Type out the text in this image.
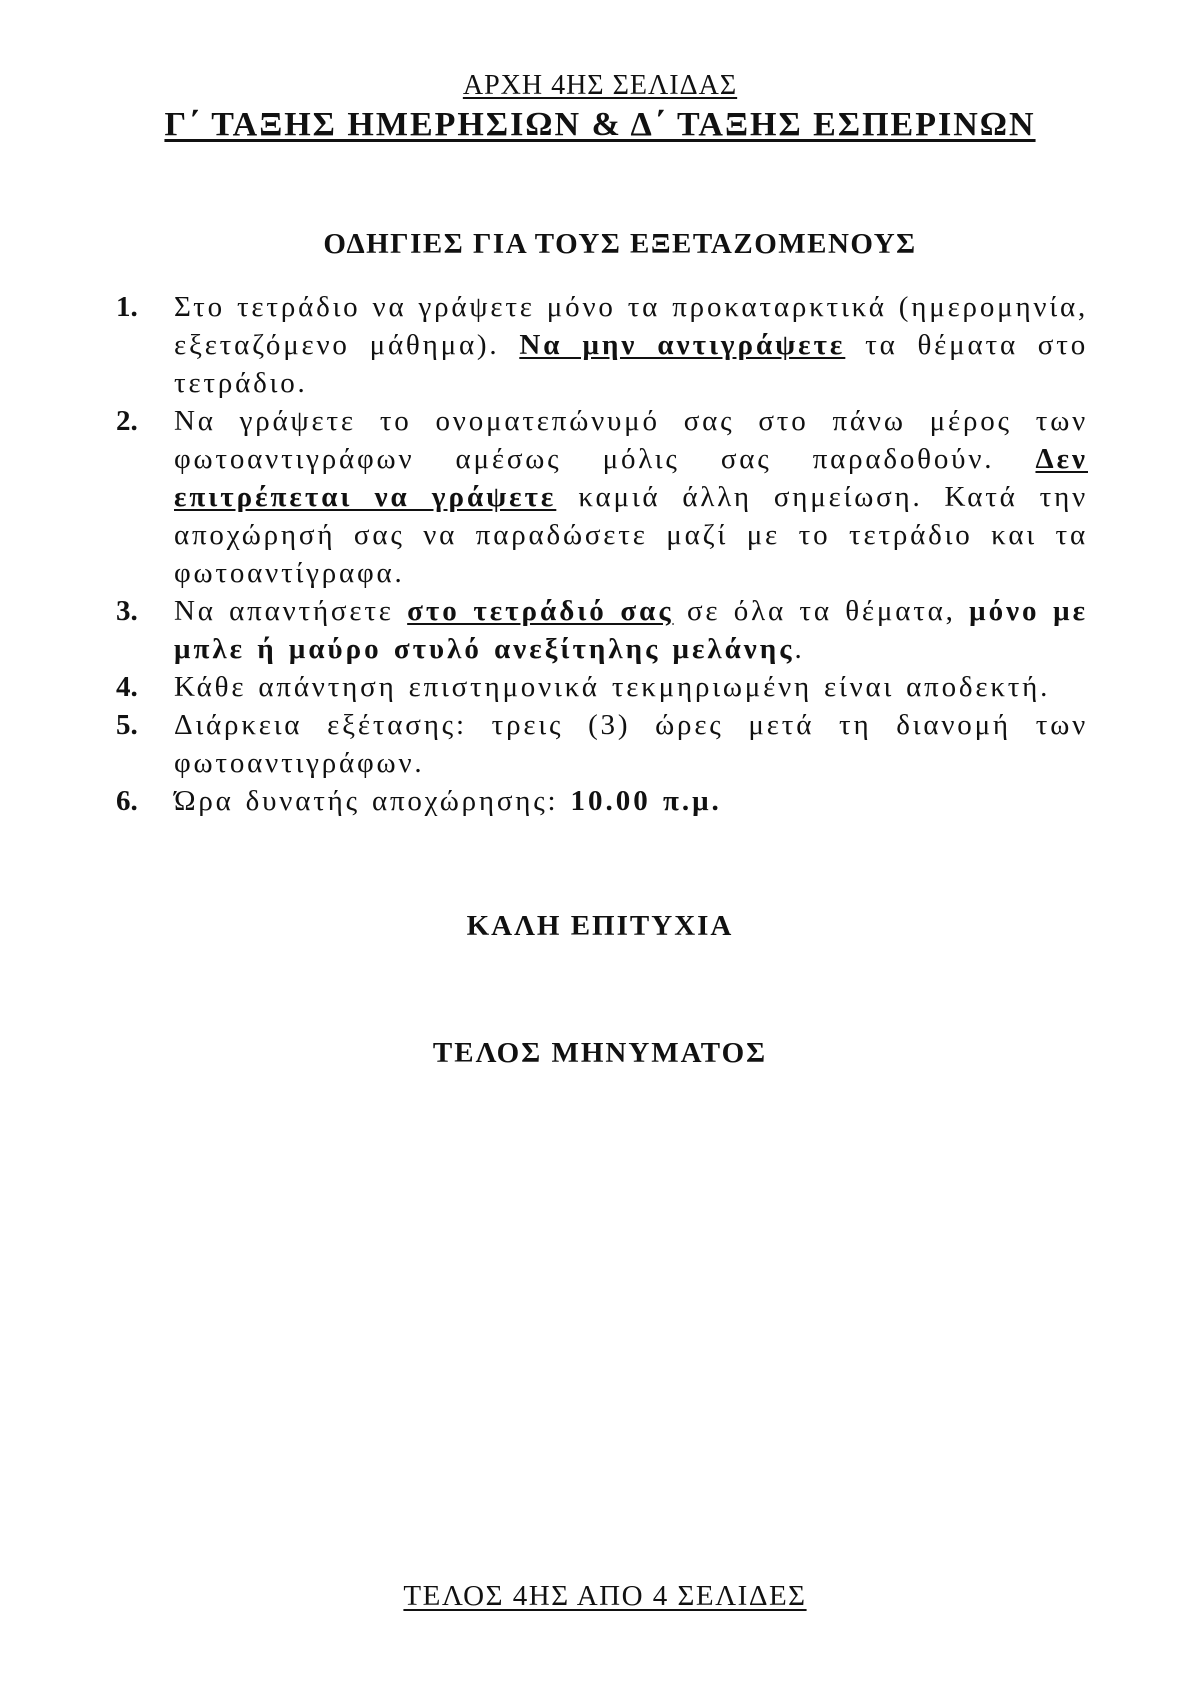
ΑΡΧΗ 4ΗΣ ΣΕΛΙΔΑΣ
Γ΄ ΤΑΞΗΣ ΗΜΕΡΗΣΙΩΝ & Δ΄ ΤΑΞΗΣ ΕΣΠΕΡΙΝΩΝ
ΟΔΗΓΙΕΣ ΓΙΑ ΤΟΥΣ ΕΞΕΤΑΖΟΜΕΝΟΥΣ
1. Στο τετράδιο να γράψετε μόνο τα προκαταρκτικά (ημερομηνία, εξεταζόμενο μάθημα). Να μην αντιγράψετε τα θέματα στο τετράδιο.
2. Να γράψετε το ονοματεπώνυμό σας στο πάνω μέρος των φωτοαντιγράφων αμέσως μόλις σας παραδοθούν. Δεν επιτρέπεται να γράψετε καμιά άλλη σημείωση. Κατά την αποχώρησή σας να παραδώσετε μαζί με το τετράδιο και τα φωτοαντίγραφα.
3. Να απαντήσετε στο τετράδιό σας σε όλα τα θέματα, μόνο με μπλε ή μαύρο στυλό ανεξίτηλης μελάνης.
4. Κάθε απάντηση επιστημονικά τεκμηριωμένη είναι αποδεκτή.
5. Διάρκεια εξέτασης: τρεις (3) ώρες μετά τη διανομή των φωτοαντιγράφων.
6. Ώρα δυνατής αποχώρησης: 10.00 π.μ.
ΚΑΛΗ ΕΠΙΤΥΧΙΑ
ΤΕΛΟΣ ΜΗΝΥΜΑΤΟΣ
ΤΕΛΟΣ 4ΗΣ ΑΠΟ 4 ΣΕΛΙΔΕΣ
